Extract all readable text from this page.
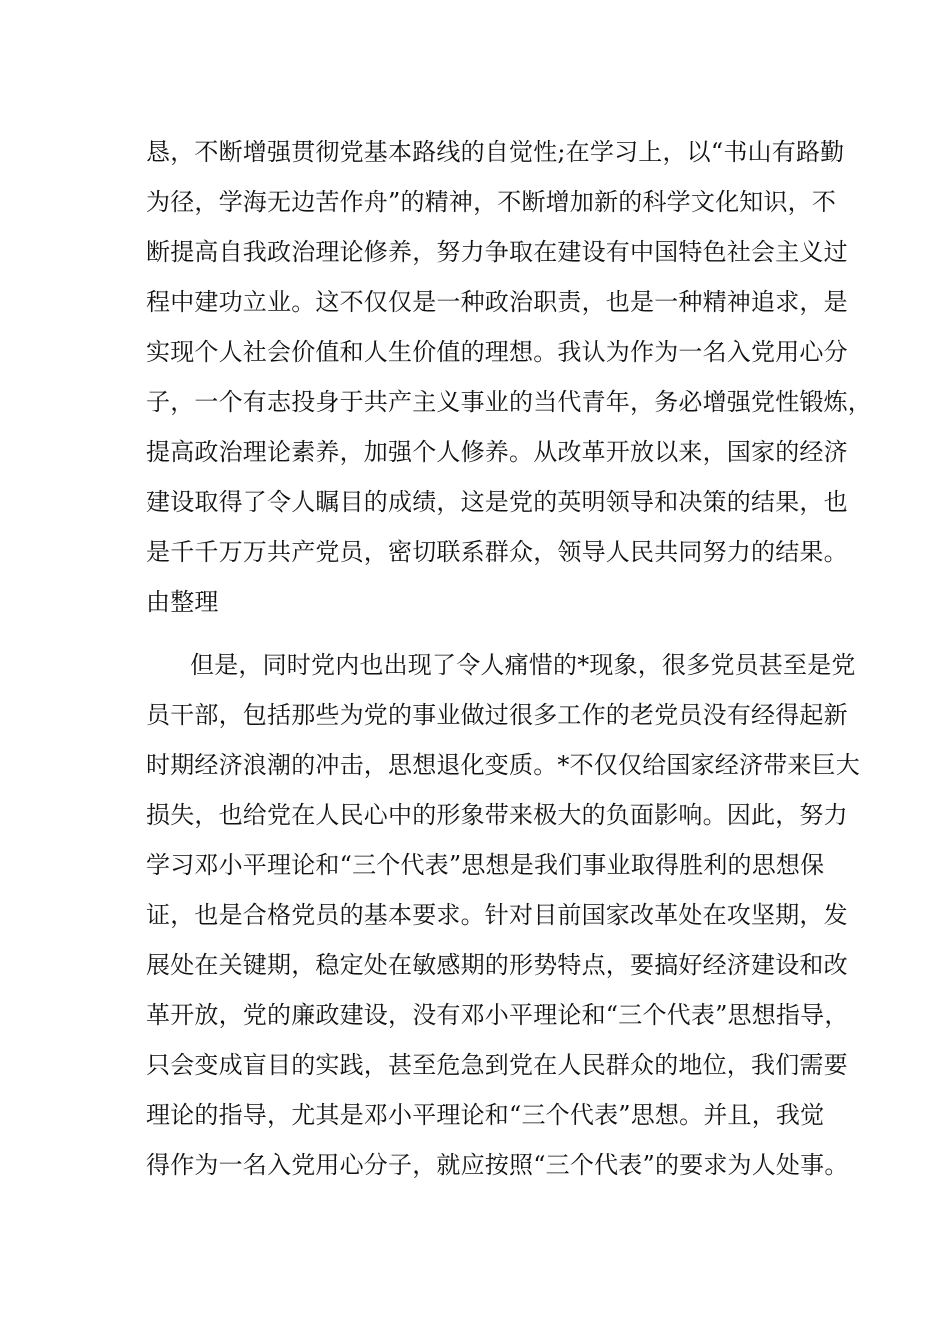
恳，不断增强贯彻党基本路线的自觉性;在学习上，以“书山有路勤
为径，学海无边苦作舟”的精神，不断增加新的科学文化知识，不
断提高自我政治理论修养，努力争取在建设有中国特色社会主义过
程中建功立业。这不仅仅是一种政治职责，也是一种精神追求，是
实现个人社会价值和人生价值的理想。我认为作为一名入党用心分
子，一个有志投身于共产主义事业的当代青年，务必增强党性锻炼，
提高政治理论素养，加强个人修养。从改革开放以来，国家的经济
建设取得了令人瞩目的成绩，这是党的英明领导和决策的结果，也
是千千万万共产党员，密切联系群众，领导人民共同努力的结果。
由整理
但是，同时党内也出现了令人痛惜的*现象，很多党员甚至是党
员干部，包括那些为党的事业做过很多工作的老党员没有经得起新
时期经济浪潮的冲击，思想退化变质。*不仅仅给国家经济带来巨大
损失，也给党在人民心中的形象带来极大的负面影响。因此，努力
学习邓小平理论和“三个代表”思想是我们事业取得胜利的思想保
证，也是合格党员的基本要求。针对目前国家改革处在攻坚期，发
展处在关键期，稳定处在敏感期的形势特点，要搞好经济建设和改
革开放，党的廉政建设，没有邓小平理论和“三个代表”思想指导，
只会变成盲目的实践，甚至危急到党在人民群众的地位，我们需要
理论的指导，尤其是邓小平理论和“三个代表”思想。并且，我觉
得作为一名入党用心分子，就应按照“三个代表”的要求为人处事。
